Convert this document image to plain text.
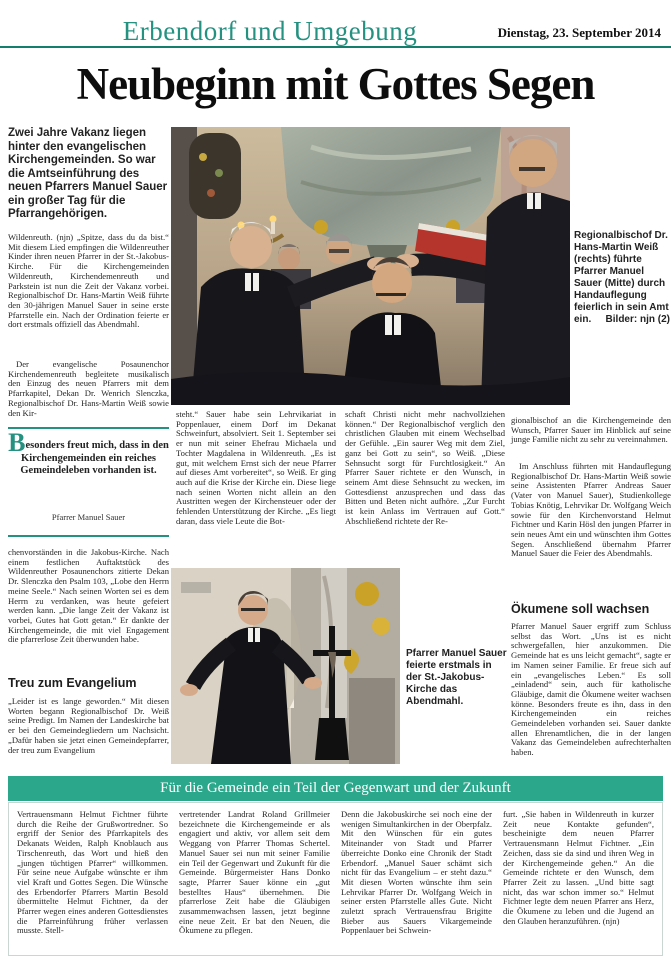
Erbendorf und Umgebung	Dienstag, 23. September 2014
Neubeginn mit Gottes Segen

Zwei Jahre Vakanz liegen hinter den evangelischen Kirchengemeinden. So war die Amtseinführung des neuen Pfarrers Manuel Sauer ein großer Tag für die Pfarrangehörigen.

Wildenreuth. (njn) „Spitze, dass du da bist.“ Mit diesem Lied empfingen die Wildenreuther Kinder ihren neuen Pfarrer in der St.-Jakobus-Kirche. Für die Kirchengemeinden Wildenreuth, Kirchendemenreuth und Parkstein ist nun die Zeit der Vakanz vorbei. Regionalbischof Dr. Hans-Martin Weiß führte den 30-jährigen Manuel Sauer in seine erste Pfarrstelle ein. Nach der Ordination feierte er dort erstmals offiziell das Abendmahl.

Der evangelische Posaunenchor Kirchendemenreuth begleitete musikalisch den Einzug des neuen Pfarrers mit dem Pfarrkapitel, Dekan Dr. Wenrich Slenczka, Regionalbischof Dr. Hans-Martin Weiß sowie den Kir-

Besonders freut mich, dass in den Kirchengemeinden ein reiches Gemeindeleben vorhanden ist.

Pfarrer Manuel Sauer

chenvorständen in die Jakobus-Kirche. Nach einem festlichen Auftaktstück des Wildenreuther Posaunenchors zitierte Dekan Dr. Slenczka den Psalm 103, „Lobe den Herrn meine Seele.“ Nach seinen Worten sei es dem Herrn zu verdanken, was heute gefeiert werden kann. „Die lange Zeit der Vakanz ist vorbei, Gutes hat Gott getan.“ Er dankte der Kirchengemeinde, die mit viel Engagement die pfarrerlose Zeit überwunden habe.

Treu zum Evangelium

„Leider ist es lange geworden.“ Mit diesen Worten begann Regionalbischof Dr. Weiß seine Predigt. Im Namen der Landeskirche bat er bei den Gemeindegliedern um Nachsicht. „Dafür haben sie jetzt einen Gemeindepfarrer, der treu zum Evangelium

Regionalbischof Dr. Hans-Martin Weiß (rechts) führte Pfarrer Manuel Sauer (Mitte) durch Handauflegung feierlich in sein Amt ein. Bilder: njn (2)

steht.“ Sauer habe sein Lehrvikariat in Poppenlauer, einem Dorf im Dekanat Schweinfurt, absolviert. Seit 1. September sei er nun mit seiner Ehefrau Michaela und Tochter Magdalena in Wildenreuth. „Es ist gut, mit welchem Ernst sich der neue Pfarrer auf dieses Amt vorbereitet“, so Weiß. Er ging auch auf die Krise der Kirche ein. Diese liege nach seinen Worten nicht allein an den Austritten wegen der Kirchensteuer oder der fehlenden Unterstützung der Kirche. „Es liegt daran, dass viele Leute die Bot-

schaft Christi nicht mehr nachvollziehen können.“ Der Regionalbischof verglich den christlichen Glauben mit einem Wechselbad der Gefühle. „Ein saurer Weg mit dem Ziel, ganz bei Gott zu sein“, so Weiß. „Diese Sehnsucht sorgt für Furchtlosigkeit.“ An Pfarrer Sauer richtete er den Wunsch, in seinem Amt diese Sehnsucht zu wecken, im Gottesdienst anzusprechen und dass das Bitten und Beten nicht aufhöre. „Zur Furcht ist kein Anlass im Vertrauen auf Gott.“ Abschließend richtete der Re-

gionalbischof an die Kirchengemeinde den Wunsch, Pfarrer Sauer im Hinblick auf seine junge Familie nicht zu sehr zu vereinnahmen.

Im Anschluss führten mit Handauflegung Regionalbischof Dr. Hans-Martin Weiß sowie seine Assistenten Pfarrer Andreas Sauer (Vater von Manuel Sauer), Studienkollege Tobias Knötig, Lehrvikar Dr. Wolfgang Weich sowie für den Kirchenvorstand Helmut Fichtner und Karin Hösl den jungen Pfarrer in sein neues Amt ein und wünschten ihm Gottes Segen. Anschließend übernahm Pfarrer Manuel Sauer die Feier des Abendmahls.

Ökumene soll wachsen

Pfarrer Manuel Sauer ergriff zum Schluss selbst das Wort. „Uns ist es nicht schwergefallen, hier anzukommen. Die Gemeinde hat es uns leicht gemacht“, sagte er im Namen seiner Familie. Er freue sich auf ein „evangelisches Leben.“ Es soll „einladend“ sein, auch für katholische Gläubige, damit die Ökumene weiter wachsen könne. Besonders freute es ihn, dass in den Kirchengemeinden ein reiches Gemeindeleben vorhanden sei. Sauer dankte allen Ehrenamtlichen, die in der langen Vakanz das Gemeindeleben aufrechterhalten haben.

Pfarrer Manuel Sauer feierte erstmals in der St.-Jakobus-Kirche das Abendmahl.

Für die Gemeinde ein Teil der Gegenwart und der Zukunft

Vertrauensmann Helmut Fichtner führte durch die Reihe der Grußwortredner. So ergriff der Senior des Pfarrkapitels des Dekanats Weiden, Ralph Knoblauch aus Tirschenreuth, das Wort und hieß den „jungen tüchtigen Pfarrer“ willkommen. Für seine neue Aufgabe wünschte er ihm viel Kraft und Gottes Segen. Die Wünsche des Erbendorfer Pfarrers Martin Besold übermittelte Helmut Fichtner, da der Pfarrer wegen eines anderen Gottesdienstes die Pfarreinführung früher verlassen musste. Stell-

vertretender Landrat Roland Grillmeier bezeichnete die Kirchengemeinde er als engagiert und aktiv, vor allem seit dem Weggang von Pfarrer Thomas Schertel. Manuel Sauer sei nun mit seiner Familie ein Teil der Gegenwart und Zukunft für die Gemeinde. Bürgermeister Hans Donko sagte, Pfarrer Sauer könne ein „gut bestelltes Haus“ übernehmen. Die pfarrerlose Zeit habe die Gläubigen zusammenwachsen lassen, jetzt beginne eine neue Zeit. Er bat den Neuen, die Ökumene zu pflegen.

Denn die Jakobuskirche sei noch eine der wenigen Simultankirchen in der Oberpfalz. Mit den Wünschen für ein gutes Miteinander von Stadt und Pfarrer überreichte Donko eine Chronik der Stadt Erbendorf. „Manuel Sauer schämt sich nicht für das Evangelium – er steht dazu.“ Mit diesen Worten wünschte ihm sein Lehrvikar Pfarrer Dr. Wolfgang Weich in seiner ersten Pfarrstelle alles Gute. Nicht zuletzt sprach Vertrauensfrau Brigitte Bieber aus Sauers Vikargemeinde Poppenlauer bei Schwein-

furt. „Sie haben in Wildenreuth in kurzer Zeit neue Kontakte gefunden“, bescheinigte dem neuen Pfarrer Vertrauensmann Helmut Fichtner. „Ein Zeichen, dass sie da sind und ihren Weg in der Kirchengemeinde gehen.“ An die Gemeinde richtete er den Wunsch, dem Pfarrer Zeit zu lassen. „Und bitte sagt nicht, das war schon immer so.“ Helmut Fichtner legte dem neuen Pfarrer ans Herz, die Ökumene zu leben und die Jugend an den Glauben heranzuführen. (njn)
